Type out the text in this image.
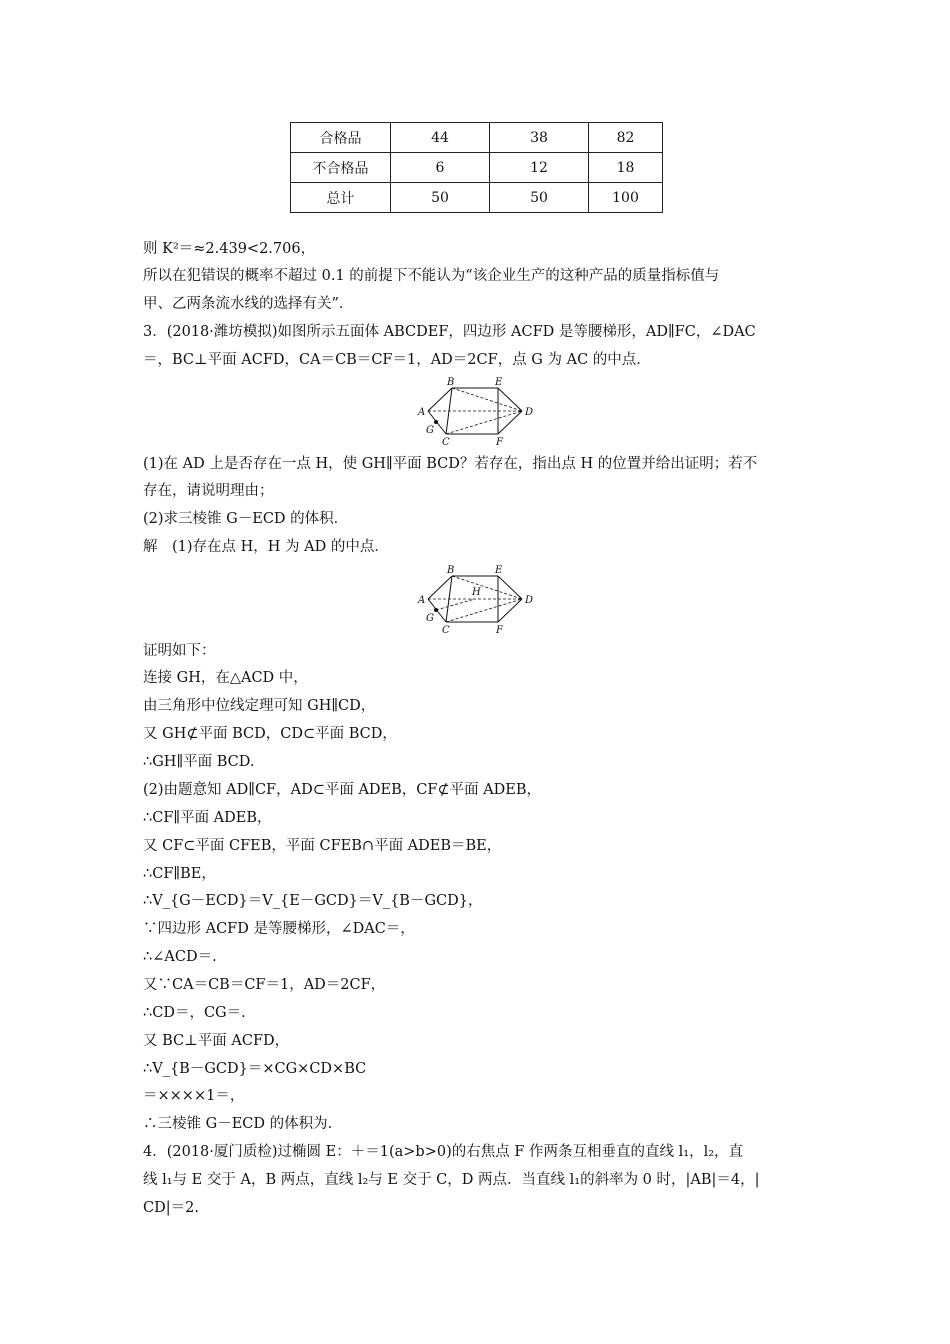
合格品	44	38	82
不合格品	6	12	18
总计	50	50	100
则 K²＝≈2.439<2.706，
所以在犯错误的概率不超过 0.1 的前提下不能认为“该企业生产的这种产品的质量指标值与
甲、乙两条流水线的选择有关”．
3．(2018·潍坊模拟)如图所示五面体 ABCDEF，四边形 ACFD 是等腰梯形，AD∥FC，∠DAC
＝，BC⊥平面 ACFD，CA＝CB＝CF＝1，AD＝2CF，点 G 为 AC 的中点．
A
B	E
D
C	F
G
(1)在 AD 上是否存在一点 H，使 GH∥平面 BCD？若存在，指出点 H 的位置并给出证明；若不
存在，请说明理由；
(2)求三棱锥 G－ECD 的体积．
解　(1)存在点 H，H 为 AD 的中点．
A
B	E
D
C	F
G
H
证明如下：
连接 GH，在△ACD 中，
由三角形中位线定理可知 GH∥CD，
又 GH⊄平面 BCD，CD⊂平面 BCD，
∴GH∥平面 BCD.
(2)由题意知 AD∥CF，AD⊂平面 ADEB，CF⊄平面 ADEB，
∴CF∥平面 ADEB，
又 CF⊂平面 CFEB，平面 CFEB∩平面 ADEB＝BE，
∴CF∥BE，
∴V_{G－ECD}＝V_{E－GCD}＝V_{B－GCD}，
∵四边形 ACFD 是等腰梯形，∠DAC＝，
∴∠ACD＝.
又∵CA＝CB＝CF＝1，AD＝2CF，
∴CD＝，CG＝.
又 BC⊥平面 ACFD，
∴V_{B－GCD}＝×CG×CD×BC
＝××××1＝，
∴三棱锥 G－ECD 的体积为.
4．(2018·厦门质检)过椭圆 E：＋＝1(a>b>0)的右焦点 F 作两条互相垂直的直线 l₁，l₂，直
线 l₁与 E 交于 A，B 两点，直线 l₂与 E 交于 C，D 两点．当直线 l₁的斜率为 0 时，|AB|＝4，|
CD|＝2.
